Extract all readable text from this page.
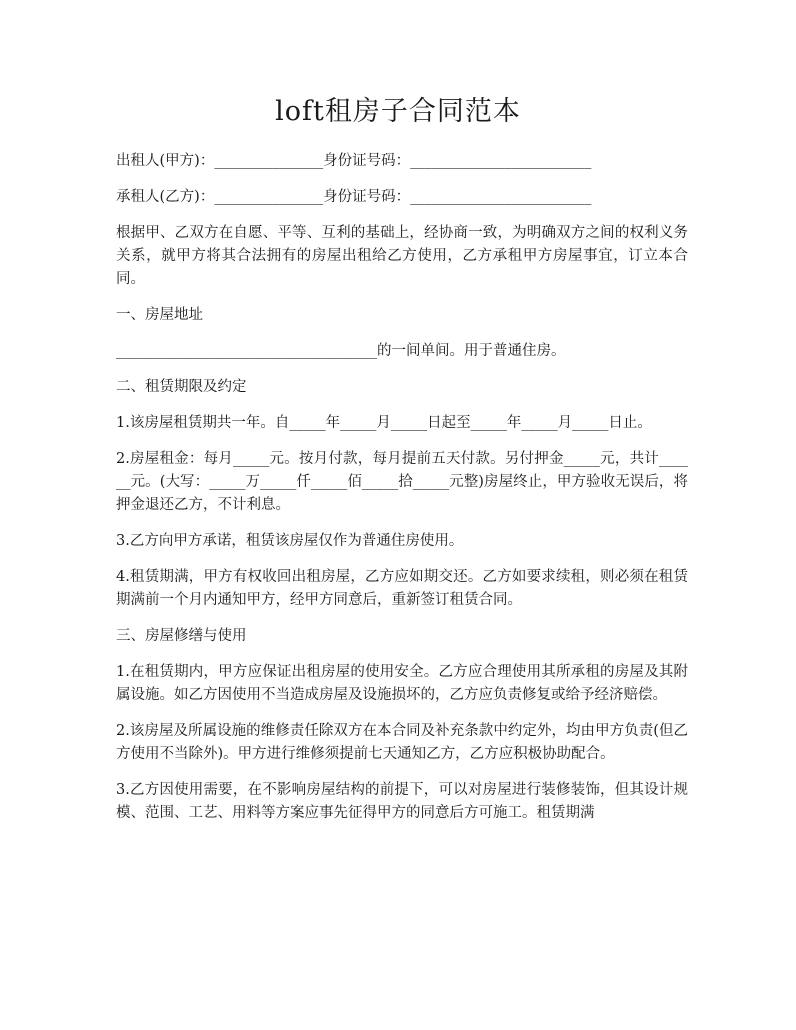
loft租房子合同范本

出租人(甲方)：_______________身份证号码：_________________________

承租人(乙方)：_______________身份证号码：_________________________

根据甲、乙双方在自愿、平等、互利的基础上，经协商一致，为明确双方之间的权利义务关系，就甲方将其合法拥有的房屋出租给乙方使用，乙方承租甲方房屋事宜，订立本合同。

一、房屋地址

____________________________________的一间单间。用于普通住房。

二、租赁期限及约定

1.该房屋租赁期共一年。自_____年_____月_____日起至_____年_____月_____日止。

2.房屋租金：每月_____元。按月付款，每月提前五天付款。另付押金_____元，共计______元。(大写：_____万_____仟_____佰_____拾_____元整)房屋终止，甲方验收无误后，将押金退还乙方，不计利息。

3.乙方向甲方承诺，租赁该房屋仅作为普通住房使用。

4.租赁期满，甲方有权收回出租房屋，乙方应如期交还。乙方如要求续租，则必须在租赁期满前一个月内通知甲方，经甲方同意后，重新签订租赁合同。

三、房屋修缮与使用

1.在租赁期内，甲方应保证出租房屋的使用安全。乙方应合理使用其所承租的房屋及其附属设施。如乙方因使用不当造成房屋及设施损坏的，乙方应负责修复或给予经济赔偿。

2.该房屋及所属设施的维修责任除双方在本合同及补充条款中约定外，均由甲方负责(但乙方使用不当除外)。甲方进行维修须提前七天通知乙方，乙方应积极协助配合。

3.乙方因使用需要，在不影响房屋结构的前提下，可以对房屋进行装修装饰，但其设计规模、范围、工艺、用料等方案应事先征得甲方的同意后方可施工。租赁期满
